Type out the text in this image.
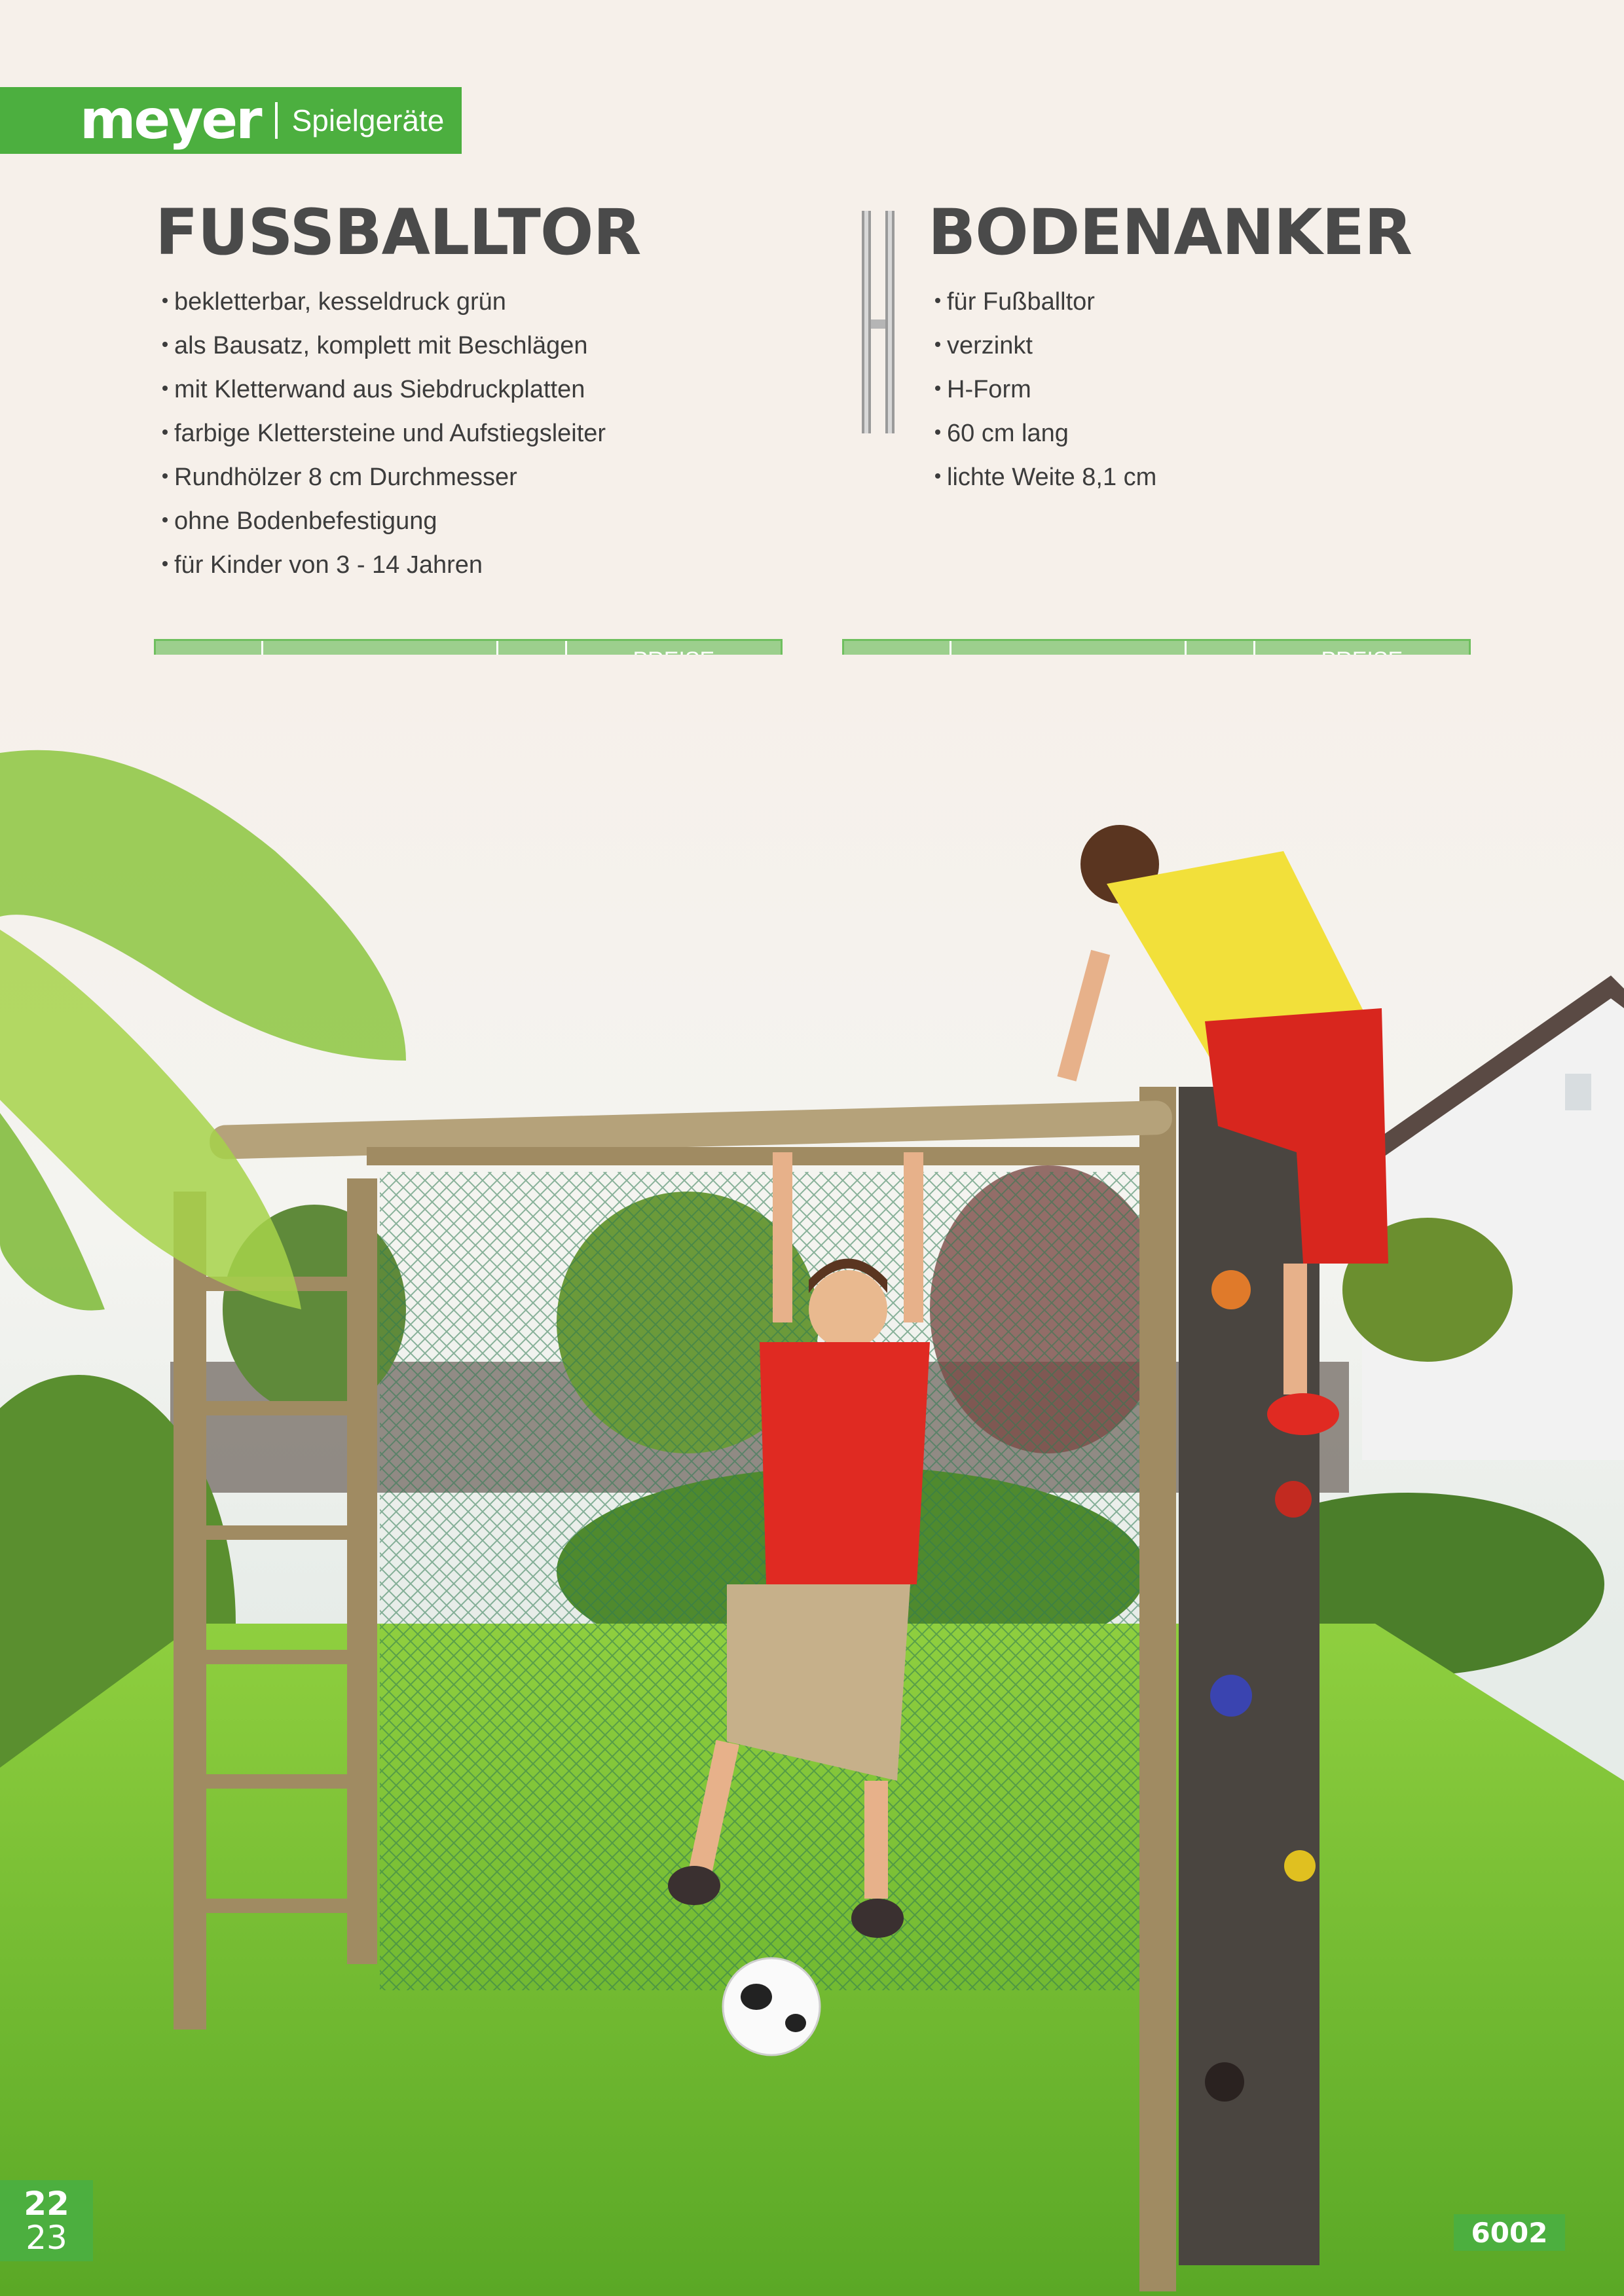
meyer Spielgeräte
FUSSBALLTOR
bekletterbar, kesseldruck grün
als Bausatz, komplett mit Beschlägen
mit Kletterwand aus Siebdruckplatten
farbige Klettersteine und Aufstiegsleiter
Rundhölzer 8 cm Durchmesser
ohne Bodenbefestigung
für Kinder von 3 - 14 Jahren
BODENANKER
für Fußballtor
verzinkt
H-Form
60 cm lang
lichte Weite 8,1 cm

22
23	6002
